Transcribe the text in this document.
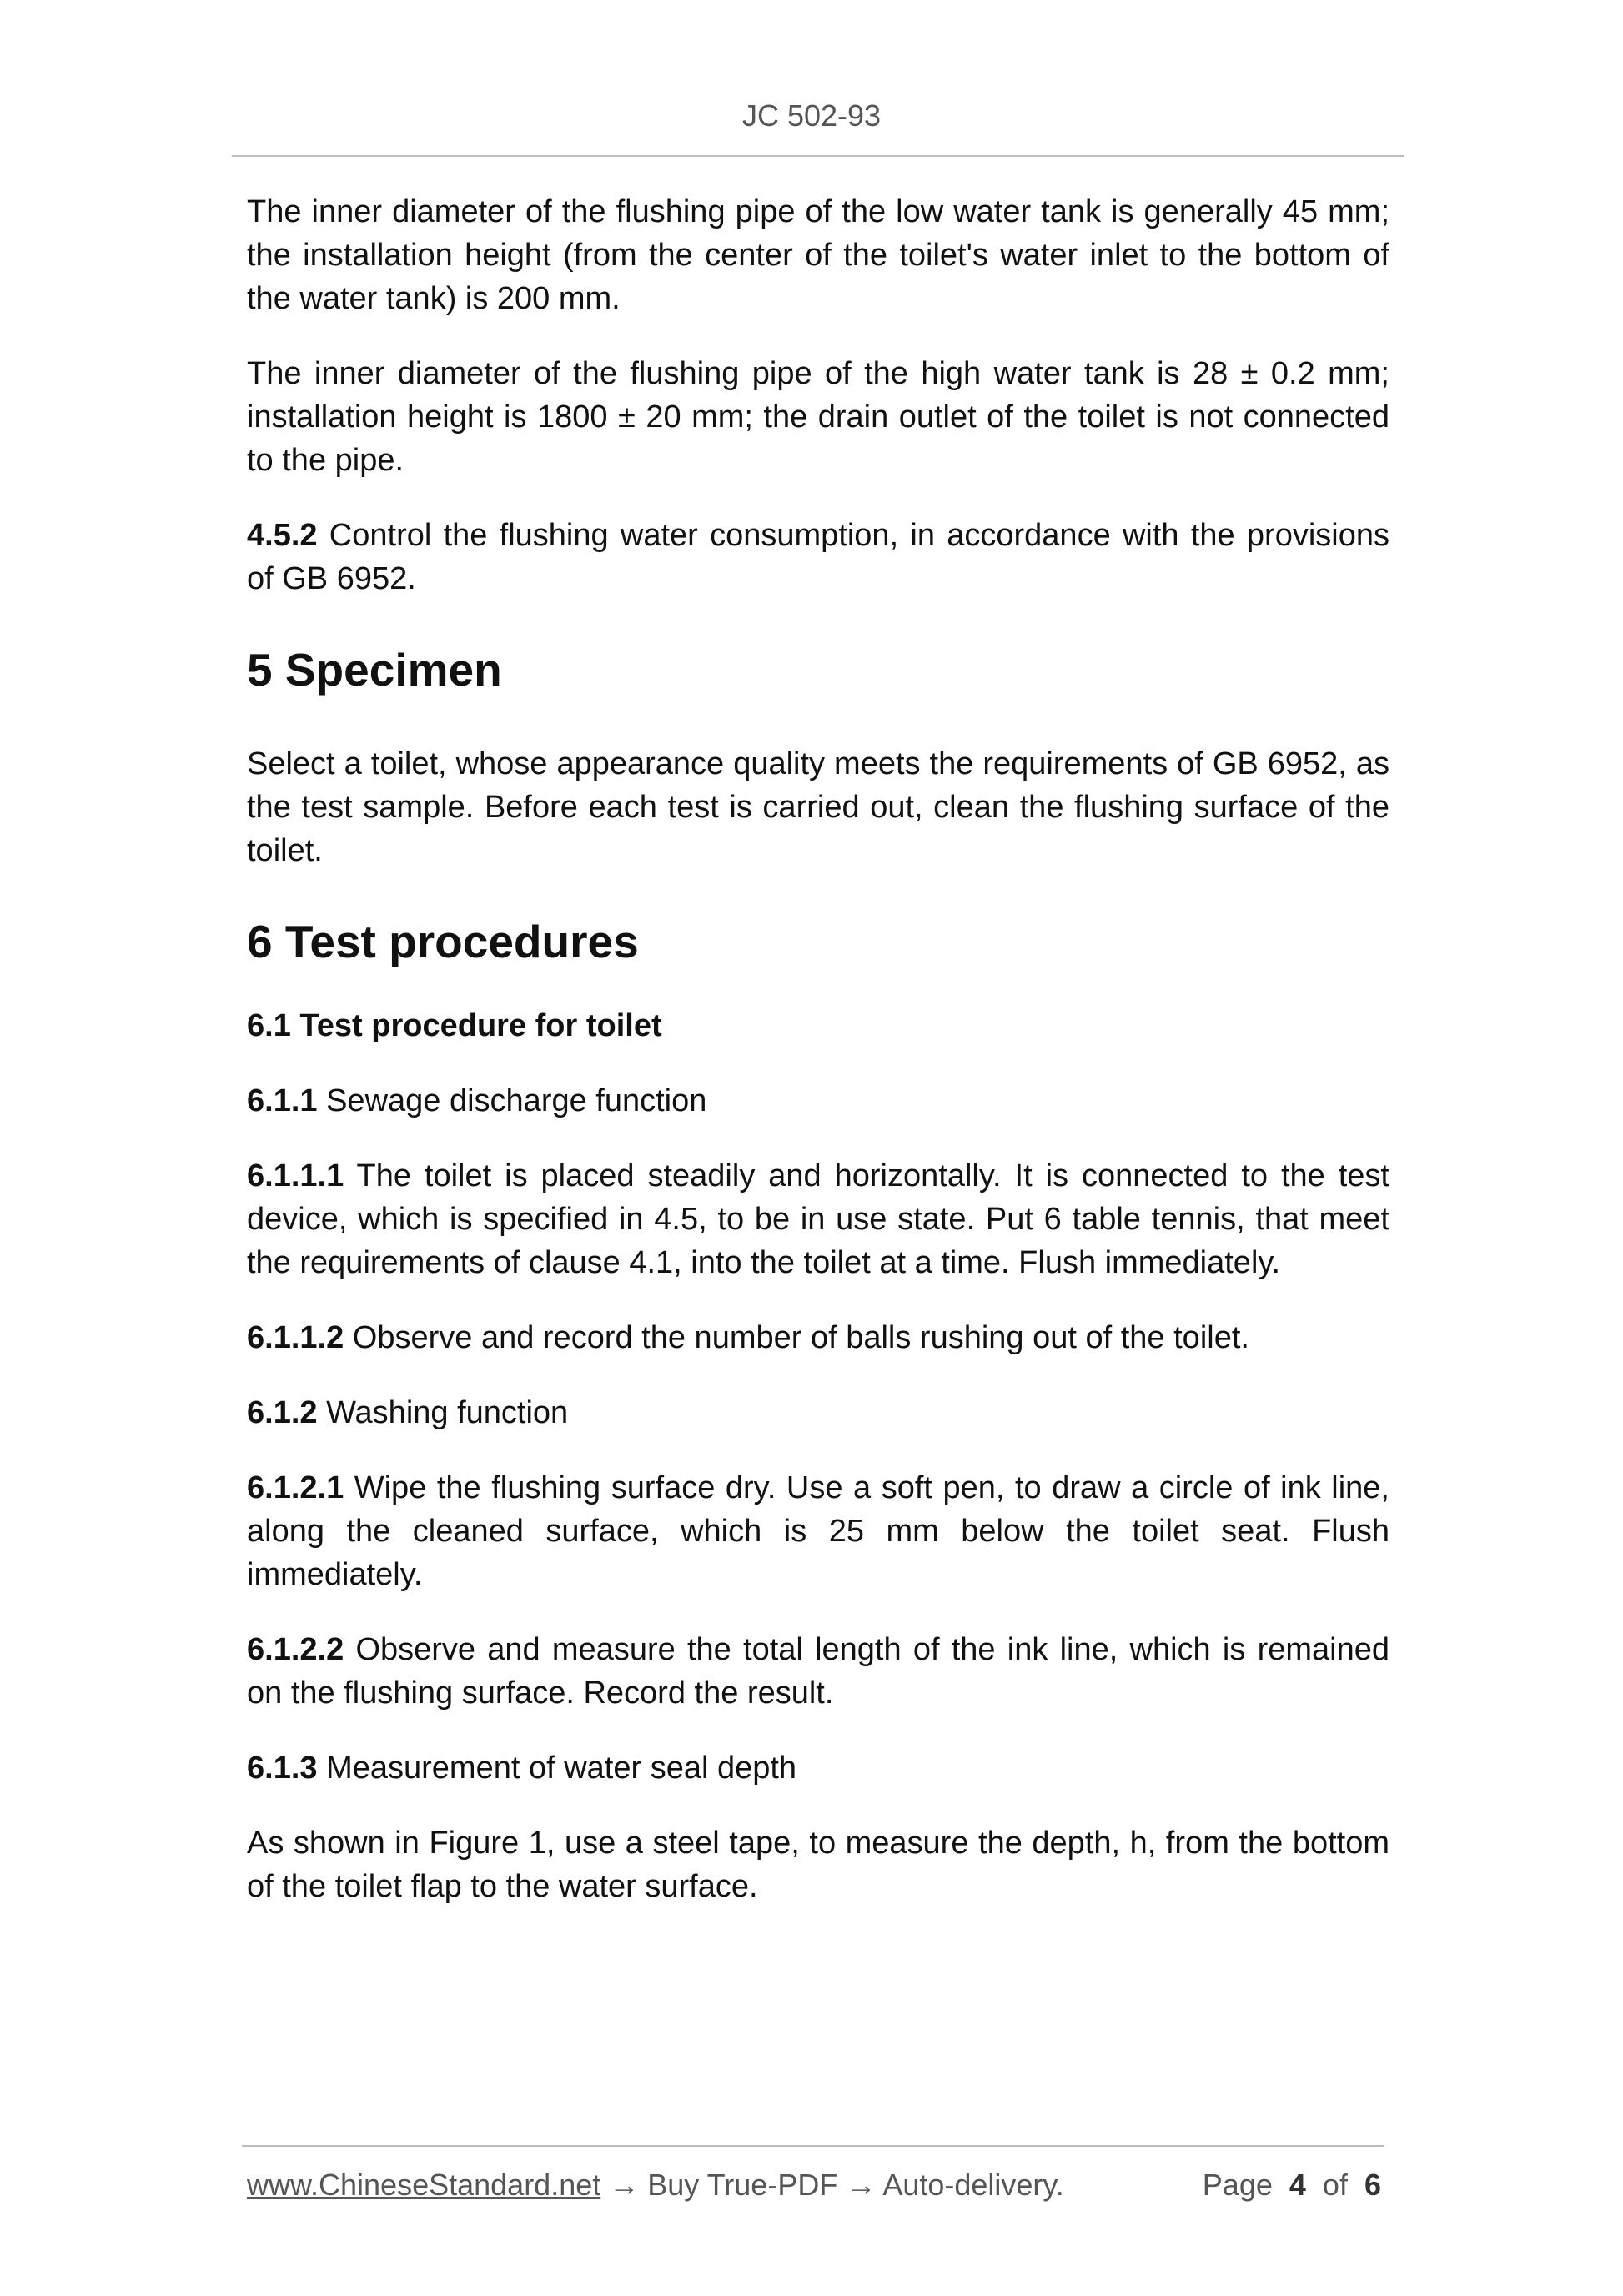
JC 502-93

The inner diameter of the flushing pipe of the low water tank is generally 45 mm; the installation height (from the center of the toilet's water inlet to the bottom of the water tank) is 200 mm.

The inner diameter of the flushing pipe of the high water tank is 28 ± 0.2 mm; installation height is 1800 ± 20 mm; the drain outlet of the toilet is not connected to the pipe.

4.5.2 Control the flushing water consumption, in accordance with the provisions of GB 6952.

5 Specimen

Select a toilet, whose appearance quality meets the requirements of GB 6952, as the test sample. Before each test is carried out, clean the flushing surface of the toilet.

6 Test procedures
6.1 Test procedure for toilet

6.1.1 Sewage discharge function

6.1.1.1 The toilet is placed steadily and horizontally. It is connected to the test device, which is specified in 4.5, to be in use state. Put 6 table tennis, that meet the requirements of clause 4.1, into the toilet at a time. Flush immediately.

6.1.1.2 Observe and record the number of balls rushing out of the toilet.

6.1.2 Washing function

6.1.2.1 Wipe the flushing surface dry. Use a soft pen, to draw a circle of ink line, along the cleaned surface, which is 25 mm below the toilet seat. Flush immediately.

6.1.2.2 Observe and measure the total length of the ink line, which is remained on the flushing surface. Record the result.

6.1.3 Measurement of water seal depth

As shown in Figure 1, use a steel tape, to measure the depth, h, from the bottom of the toilet flap to the water surface.

www.ChineseStandard.net → Buy True-PDF → Auto-delivery.	Page 4 of 6
